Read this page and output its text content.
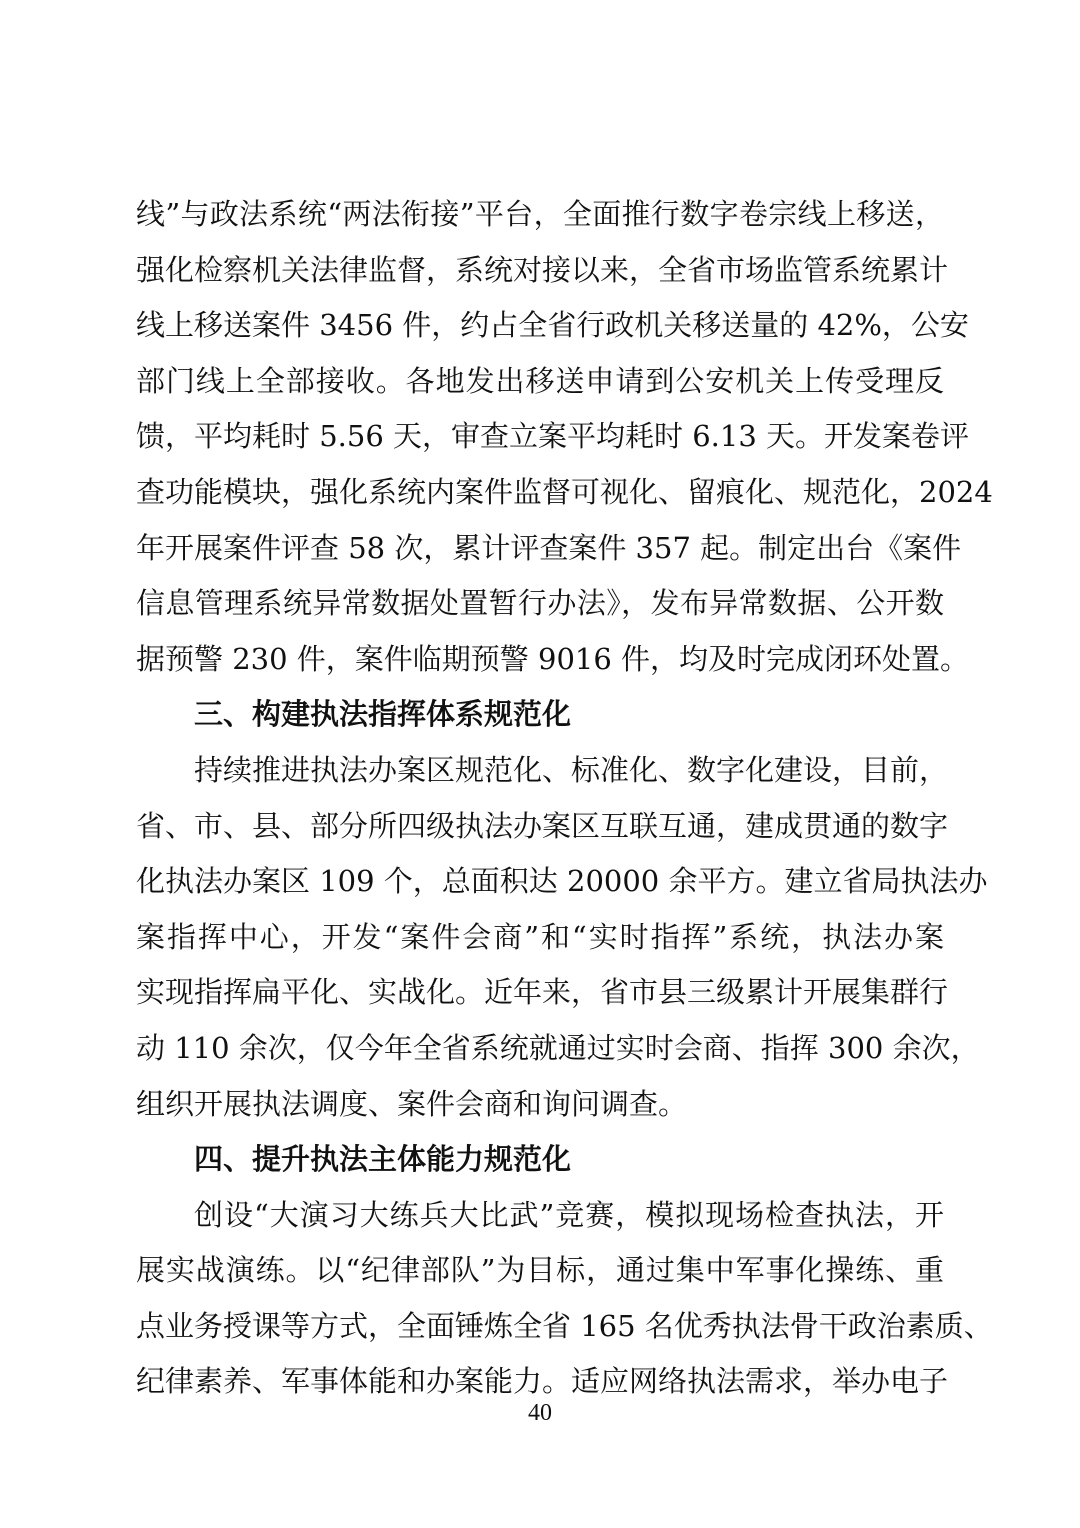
线”与政法系统“两法衔接”平台，全面推行数字卷宗线上移送，
强化检察机关法律监督，系统对接以来，全省市场监管系统累计
线上移送案件 3456 件，约占全省行政机关移送量的 42%，公安
部门线上全部接收。各地发出移送申请到公安机关上传受理反
馈，平均耗时 5.56 天，审查立案平均耗时 6.13 天。开发案卷评
查功能模块，强化系统内案件监督可视化、留痕化、规范化，2024
年开展案件评查 58 次，累计评查案件 357 起。制定出台《案件
信息管理系统异常数据处置暂行办法》，发布异常数据、公开数
据预警 230 件，案件临期预警 9016 件，均及时完成闭环处置。
三、构建执法指挥体系规范化
持续推进执法办案区规范化、标准化、数字化建设，目前，
省、市、县、部分所四级执法办案区互联互通，建成贯通的数字
化执法办案区 109 个，总面积达 20000 余平方。建立省局执法办
案指挥中心，开发“案件会商”和“实时指挥”系统，执法办案
实现指挥扁平化、实战化。近年来，省市县三级累计开展集群行
动 110 余次，仅今年全省系统就通过实时会商、指挥 300 余次，
组织开展执法调度、案件会商和询问调查。
四、提升执法主体能力规范化
创设“大演习大练兵大比武”竞赛，模拟现场检查执法，开
展实战演练。以“纪律部队”为目标，通过集中军事化操练、重
点业务授课等方式，全面锤炼全省 165 名优秀执法骨干政治素质、
纪律素养、军事体能和办案能力。适应网络执法需求，举办电子
40
